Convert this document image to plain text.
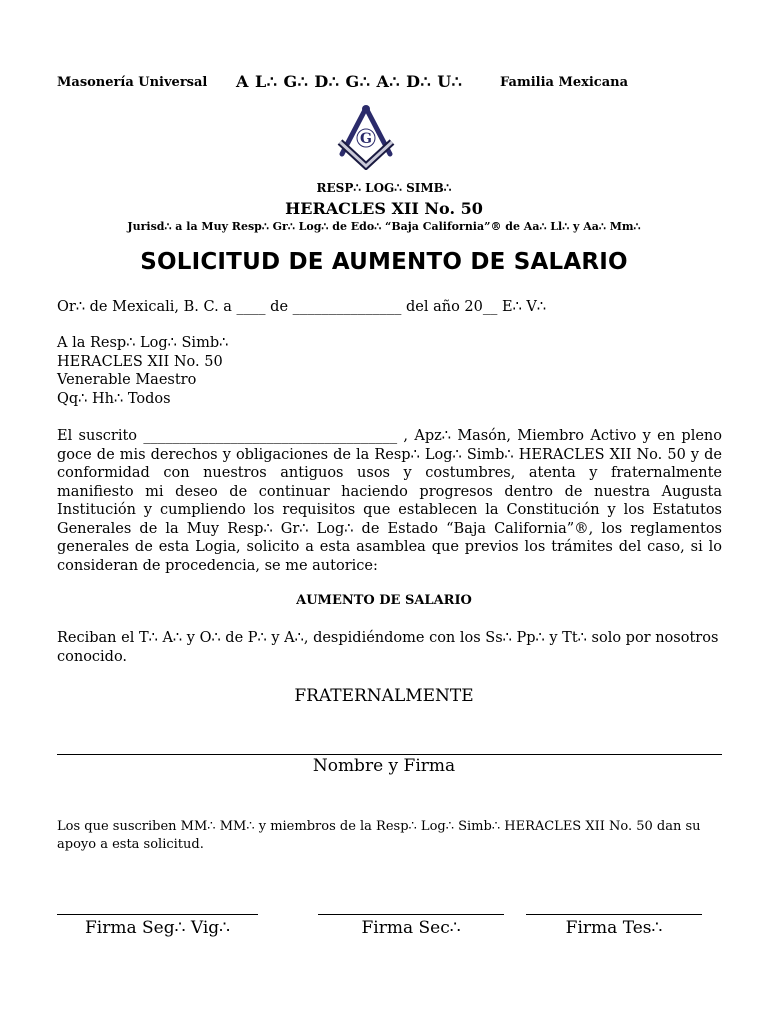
Masonería Universal A L∴ G∴ D∴ G∴ A∴ D∴ U∴	Familia Mexicana
G
RESP∴ LOG∴ SIMB∴
HERACLES XII No. 50
Jurisd∴ a la Muy Resp∴ Gr∴ Log∴ de Edo∴ “Baja California”® de Aa∴ Ll∴ y Aa∴ Mm∴
SOLICITUD DE AUMENTO DE SALARIO
Or∴ de Mexicali, B. C. a ____ de _______________ del año 20__ E∴ V∴
A la Resp∴ Log∴ Simb∴
HERACLES XII No. 50
Venerable Maestro
Qq∴ Hh∴ Todos
El suscrito ___________________________________ , Apz∴ Masón, Miembro Activo y en pleno goce de mis derechos y obligaciones de la Resp∴ Log∴ Simb∴ HERACLES XII No. 50 y de conformidad con nuestros antiguos usos y costumbres, atenta y fraternalmente manifiesto mi deseo de continuar haciendo progresos dentro de nuestra Augusta Institución y cumpliendo los requisitos que establecen la Constitución y los Estatutos Generales de la Muy Resp∴ Gr∴ Log∴ de Estado “Baja California”®, los reglamentos generales de esta Logia, solicito a esta asamblea que previos los trámites del caso, si lo consideran de procedencia, se me autorice:
AUMENTO DE SALARIO
Reciban el T∴ A∴ y O∴ de P∴ y A∴, despidiéndome con los Ss∴ Pp∴ y Tt∴ solo por nosotros conocido.
FRATERNALMENTE
Nombre y Firma
Los que suscriben MM∴ MM∴ y miembros de la Resp∴ Log∴ Simb∴ HERACLES XII No. 50 dan su apoyo a esta solicitud.
Firma Seg∴ Vig∴	Firma Sec∴	Firma Tes∴
